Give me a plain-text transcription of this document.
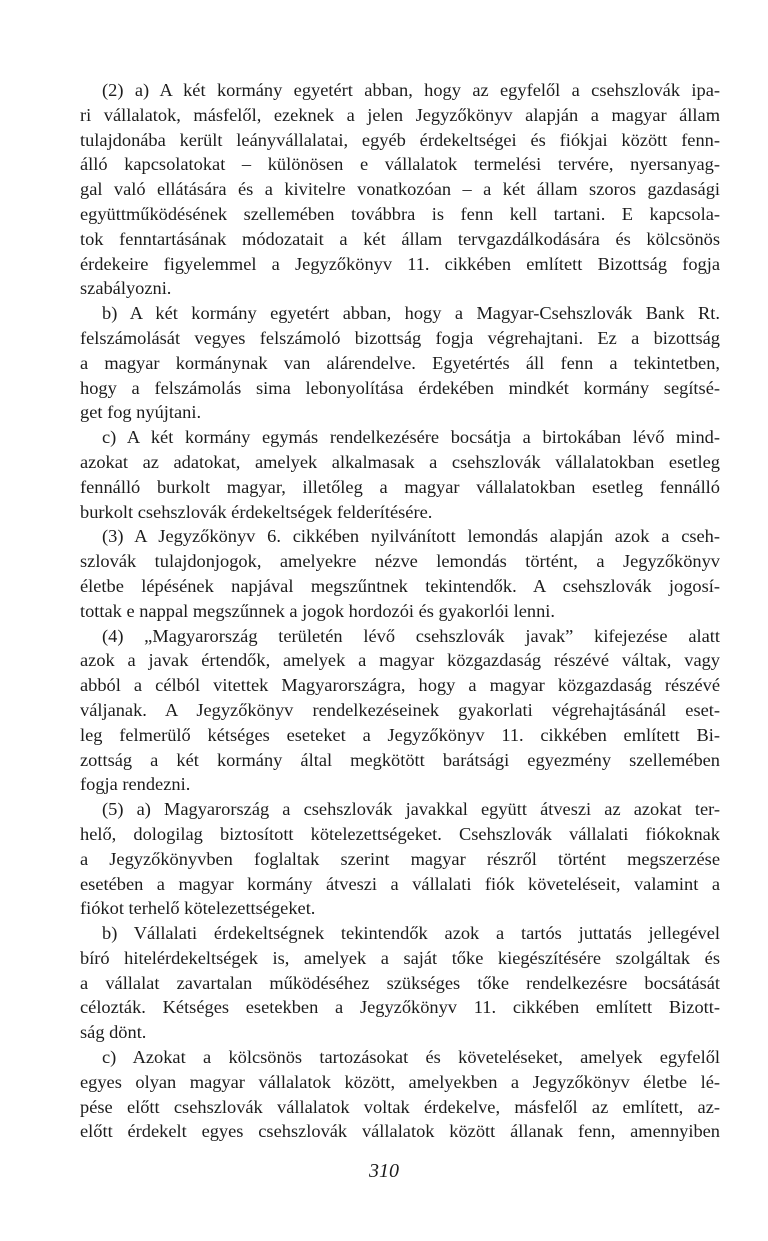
(2) a) A két kormány egyetért abban, hogy az egyfelől a csehszlovák ipa-
ri vállalatok, másfelől, ezeknek a jelen Jegyzőkönyv alapján a magyar állam
tulajdonába került leányvállalatai, egyéb érdekeltségei és fiókjai között fenn-
álló kapcsolatokat – különösen e vállalatok termelési tervére, nyersanyag-
gal való ellátására és a kivitelre vonatkozóan – a két állam szoros gazdasági
együttműködésének szellemében továbbra is fenn kell tartani. E kapcsola-
tok fenntartásának módozatait a két állam tervgazdálkodására és kölcsönös
érdekeire figyelemmel a Jegyzőkönyv 11. cikkében említett Bizottság fogja
szabályozni.
b) A két kormány egyetért abban, hogy a Magyar-Csehszlovák Bank Rt.
felszámolását vegyes felszámoló bizottság fogja végrehajtani. Ez a bizottság
a magyar kormánynak van alárendelve. Egyetértés áll fenn a tekintetben,
hogy a felszámolás sima lebonyolítása érdekében mindkét kormány segítsé-
get fog nyújtani.
c) A két kormány egymás rendelkezésére bocsátja a birtokában lévő mind-
azokat az adatokat, amelyek alkalmasak a csehszlovák vállalatokban esetleg
fennálló burkolt magyar, illetőleg a magyar vállalatokban esetleg fennálló
burkolt csehszlovák érdekeltségek felderítésére.
(3) A Jegyzőkönyv 6. cikkében nyilvánított lemondás alapján azok a cseh-
szlovák tulajdonjogok, amelyekre nézve lemondás történt, a Jegyzőkönyv
életbe lépésének napjával megszűntnek tekintendők. A csehszlovák jogosí-
tottak e nappal megszűnnek a jogok hordozói és gyakorlói lenni.
(4) „Magyarország területén lévő csehszlovák javak” kifejezése alatt
azok a javak értendők, amelyek a magyar közgazdaság részévé váltak, vagy
abból a célból vitettek Magyarországra, hogy a magyar közgazdaság részévé
váljanak. A Jegyzőkönyv rendelkezéseinek gyakorlati végrehajtásánál eset-
leg felmerülő kétséges eseteket a Jegyzőkönyv 11. cikkében említett Bi-
zottság a két kormány által megkötött barátsági egyezmény szellemében
fogja rendezni.
(5) a) Magyarország a csehszlovák javakkal együtt átveszi az azokat ter-
helő, dologilag biztosított kötelezettségeket. Csehszlovák vállalati fiókoknak
a Jegyzőkönyvben foglaltak szerint magyar részről történt megszerzése
esetében a magyar kormány átveszi a vállalati fiók követeléseit, valamint a
fiókot terhelő kötelezettségeket.
b) Vállalati érdekeltségnek tekintendők azok a tartós juttatás jellegével
bíró hitelérdekeltségek is, amelyek a saját tőke kiegészítésére szolgáltak és
a vállalat zavartalan működéséhez szükséges tőke rendelkezésre bocsátását
célozták. Kétséges esetekben a Jegyzőkönyv 11. cikkében említett Bizott-
ság dönt.
c) Azokat a kölcsönös tartozásokat és követeléseket, amelyek egyfelől
egyes olyan magyar vállalatok között, amelyekben a Jegyzőkönyv életbe lé-
pése előtt csehszlovák vállalatok voltak érdekelve, másfelől az említett, az-
előtt érdekelt egyes csehszlovák vállalatok között állanak fenn, amennyiben
310
